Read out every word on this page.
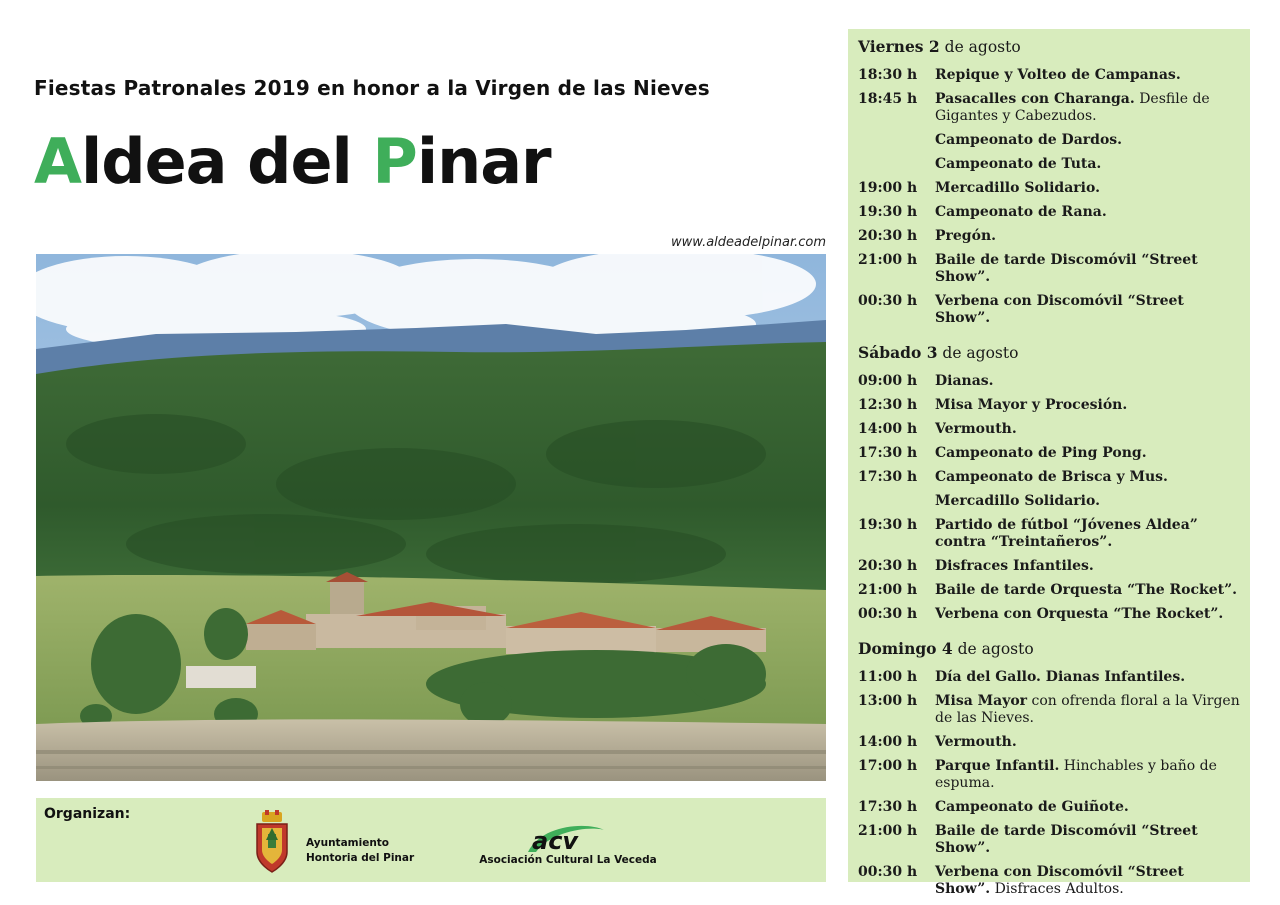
Fiestas Patronales 2019 en honor a la Virgen de las Nieves
Aldea del Pinar
www.aldeadelpinar.com
Organizan:
Ayuntamiento
Hontoria del Pinar
acv
Asociación Cultural La Veceda
Viernes 2 de agosto
18:30 h	Repique y Volteo de Campanas.
18:45 h	Pasacalles con Charanga. Desfile de Gigantes y Cabezudos.
Campeonato de Dardos.
Campeonato de Tuta.
19:00 h	Mercadillo Solidario.
19:30 h	Campeonato de Rana.
20:30 h	Pregón.
21:00 h	Baile de tarde Discomóvil “Street Show”.
00:30 h	Verbena con Discomóvil “Street Show”.
Sábado 3 de agosto
09:00 h	Dianas.
12:30 h	Misa Mayor y Procesión.
14:00 h	Vermouth.
17:30 h	Campeonato de Ping Pong.
17:30 h	Campeonato de Brisca y Mus.
Mercadillo Solidario.
19:30 h	Partido de fútbol “Jóvenes Aldea” contra “Treintañeros”.
20:30 h	Disfraces Infantiles.
21:00 h	Baile de tarde Orquesta “The Rocket”.
00:30 h	Verbena con Orquesta “The Rocket”.
Domingo 4 de agosto
11:00 h	Día del Gallo. Dianas Infantiles.
13:00 h	Misa Mayor con ofrenda floral a la Virgen de las Nieves.
14:00 h	Vermouth.
17:00 h	Parque Infantil. Hinchables y baño de espuma.
17:30 h	Campeonato de Guiñote.
21:00 h	Baile de tarde Discomóvil “Street Show”.
00:30 h	Verbena con Discomóvil “Street Show”. Disfraces Adultos.
